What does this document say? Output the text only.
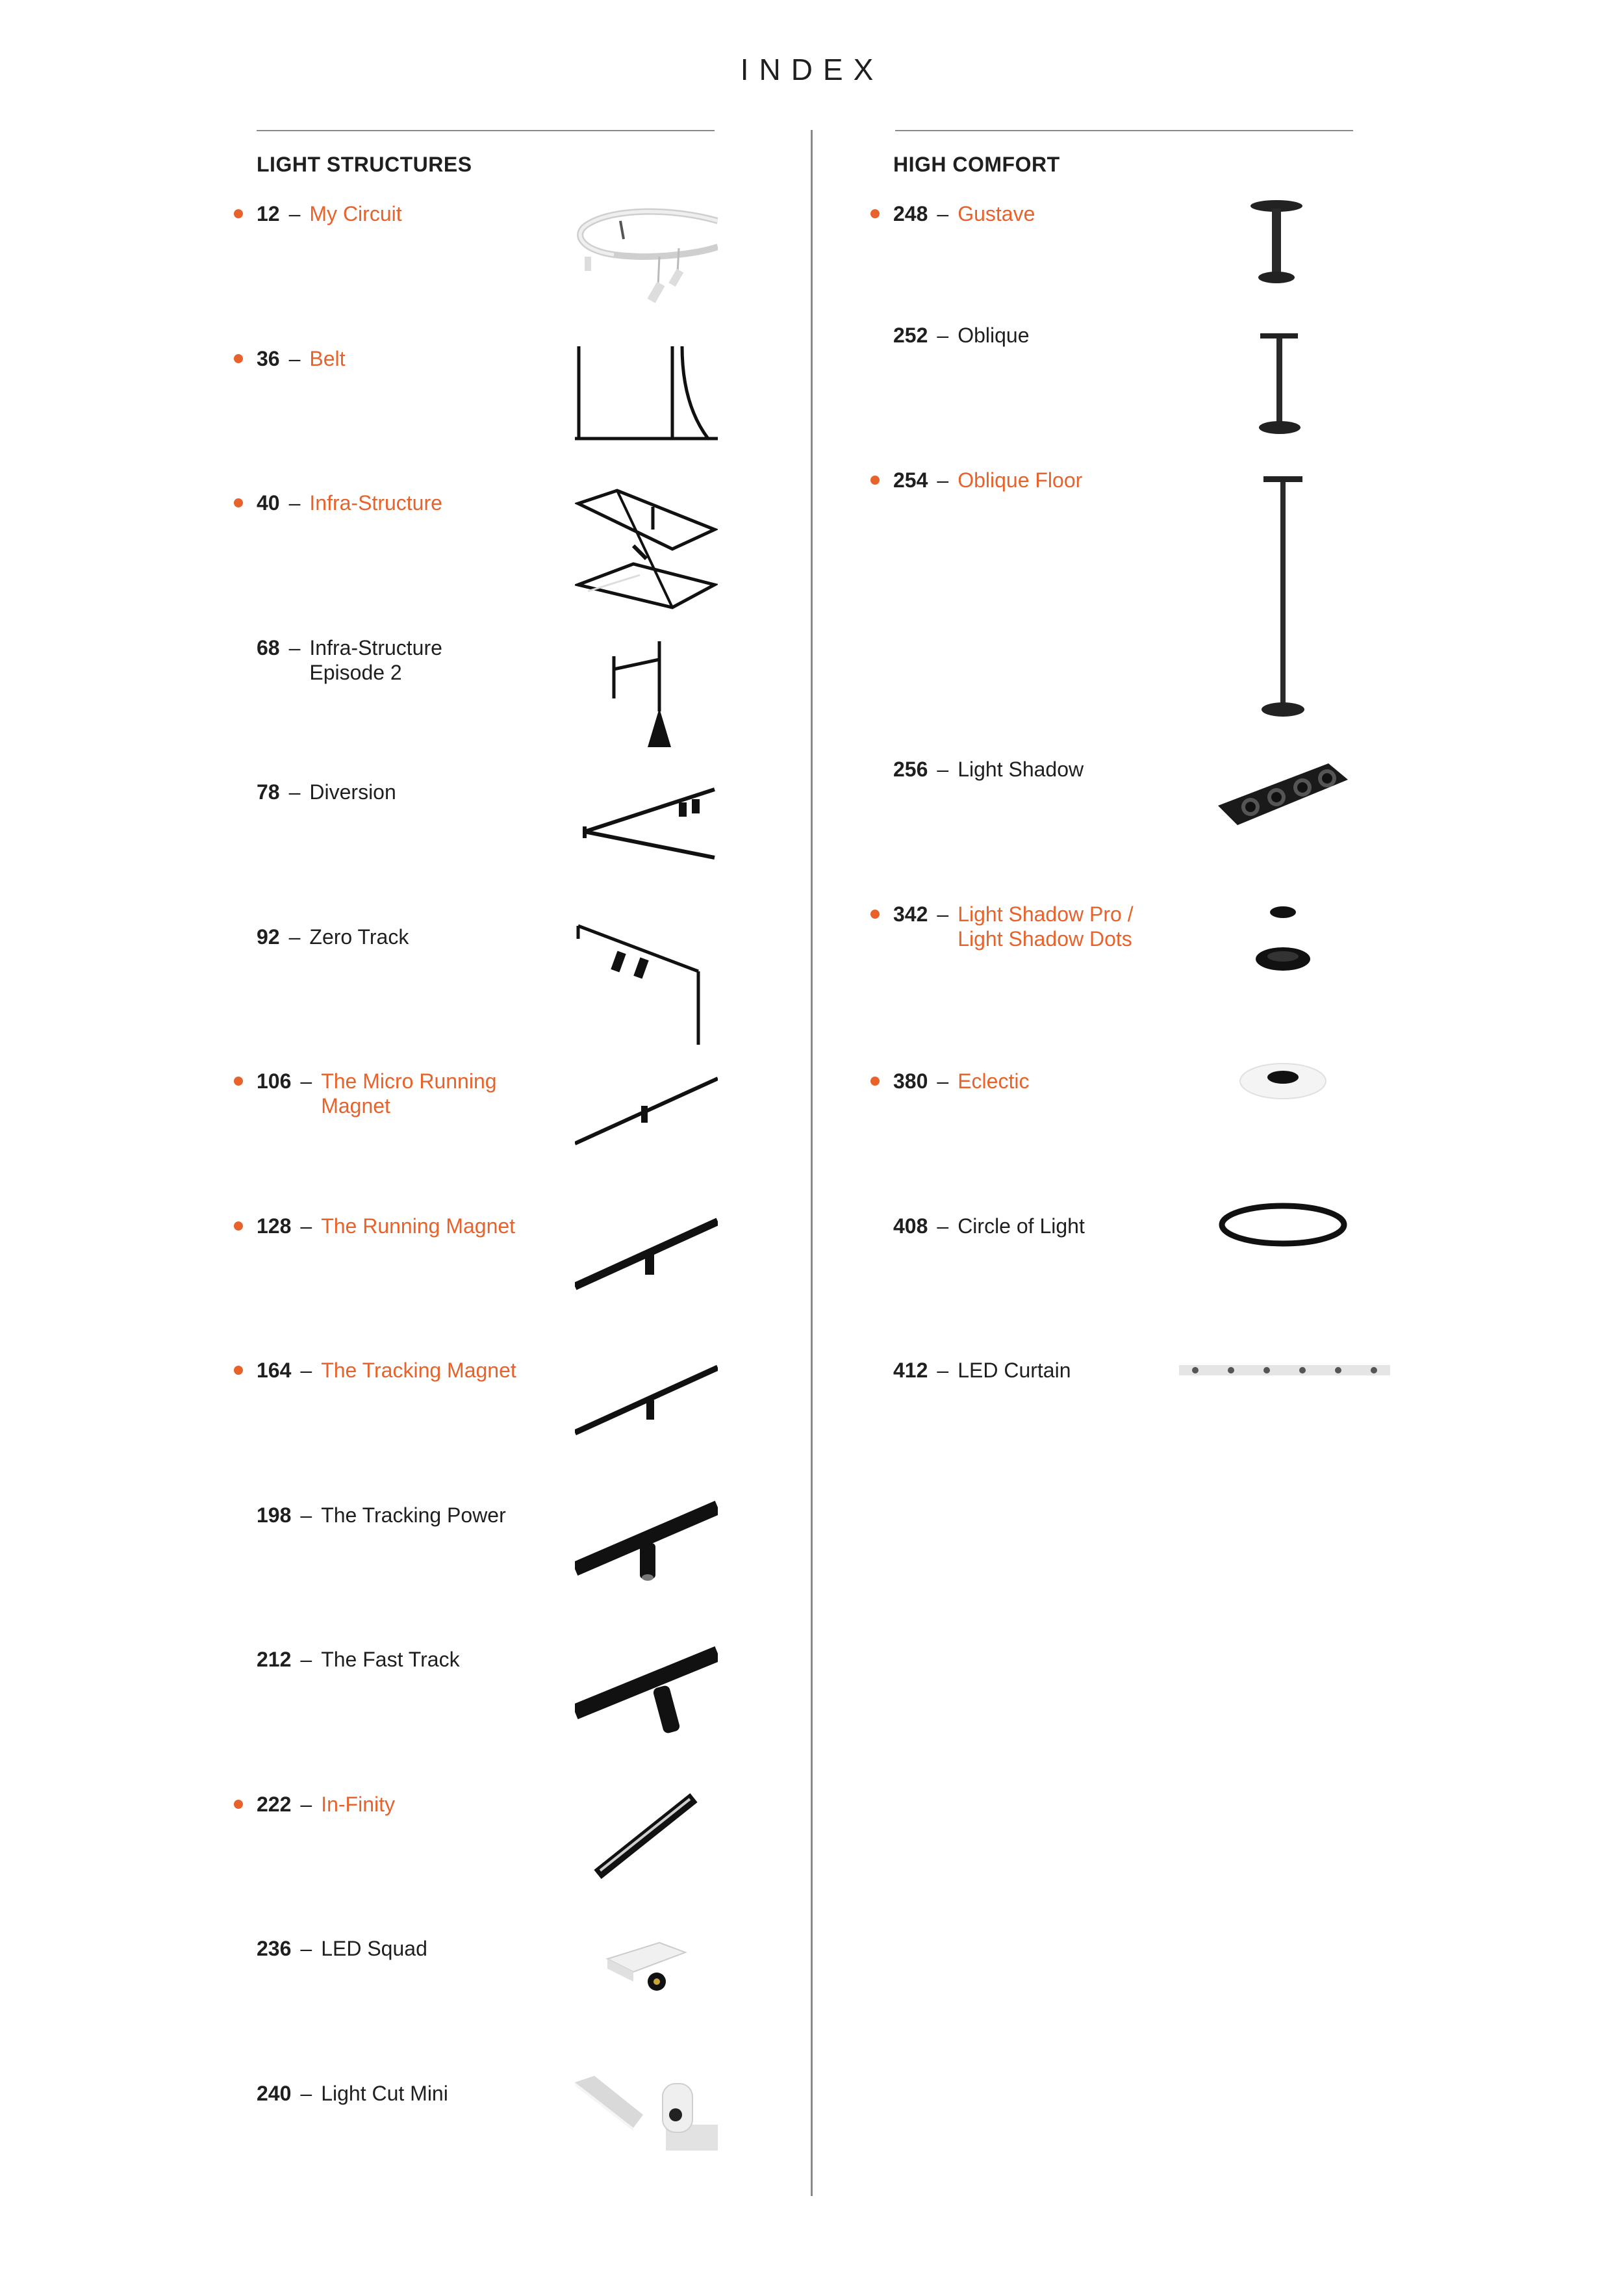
INDEX
LIGHT STRUCTURES	HIGH COMFORT
12 – My Circuit
36 – Belt
40 – Infra-Structure
68 – Infra-Structure
Episode 2
78 – Diversion
92 – Zero Track
106 – The Micro Running
Magnet
128 – The Running Magnet
164 – The Tracking Magnet
198 – The Tracking Power
212 – The Fast Track
222 – In-Finity
236 – LED Squad
240 – Light Cut Mini
248 – Gustave
252 – Oblique
254 – Oblique Floor
256 – Light Shadow
342 – Light Shadow Pro /
Light Shadow Dots
380 – Eclectic
408 – Circle of Light
412 – LED Curtain
